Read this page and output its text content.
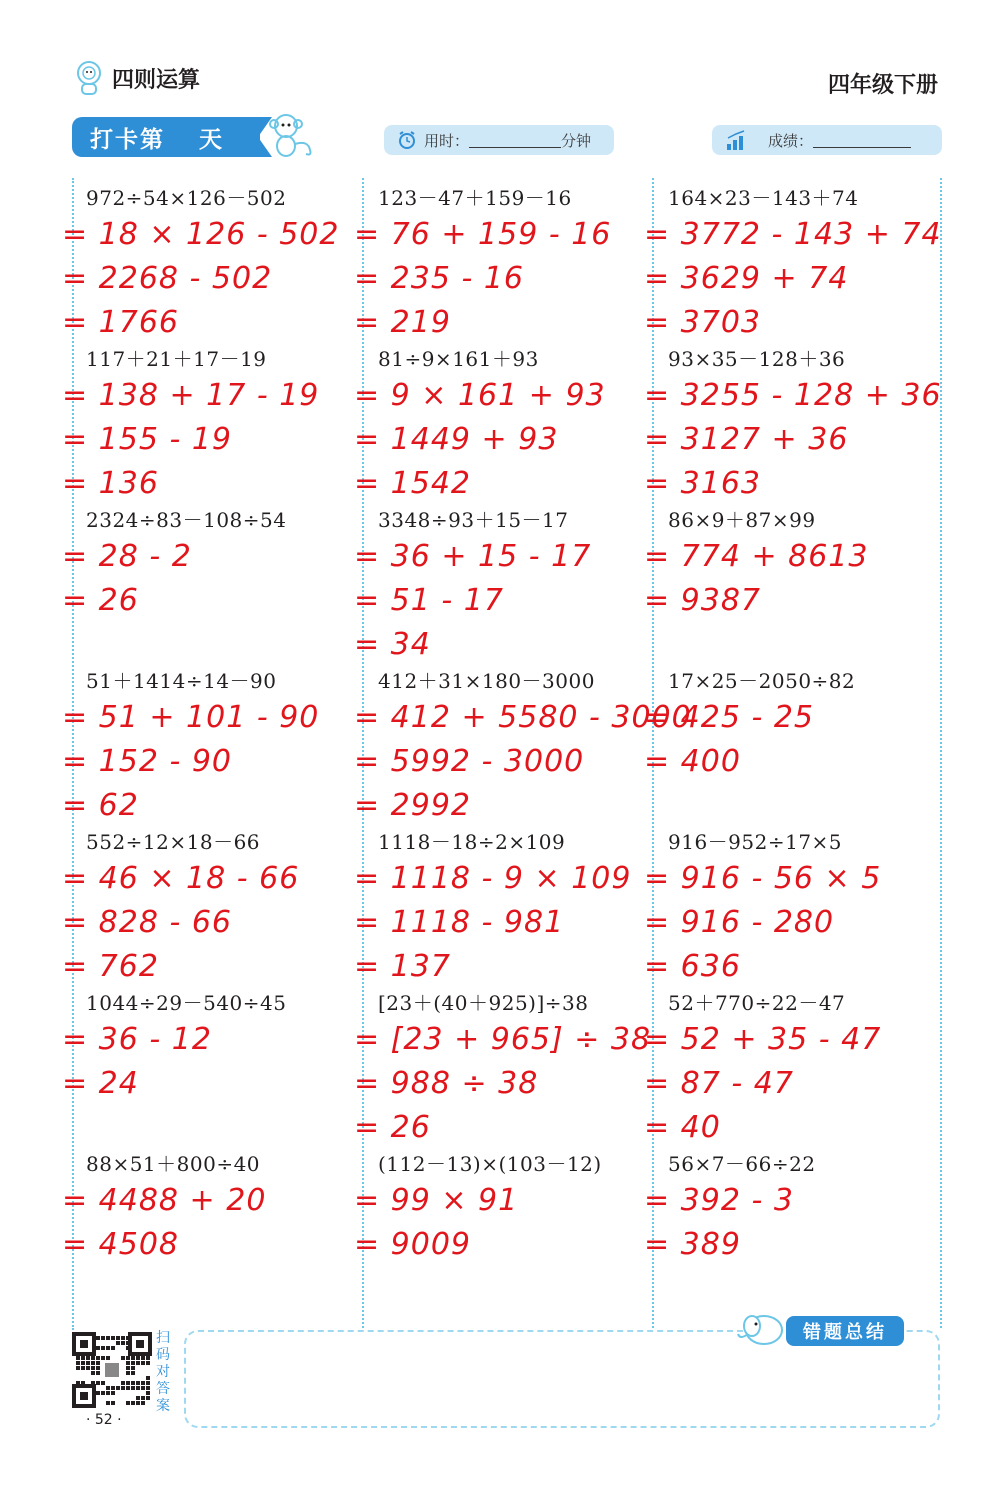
四则运算	四年级下册
打卡第 天	用时：	分钟	成绩：
972÷54×126－502
= 18 × 126 - 502
= 2268 - 502
= 1766
123－47＋159－16
= 76 + 159 - 16
= 235 - 16
= 219
164×23－143＋74
= 3772 - 143 + 74
= 3629 + 74
= 3703
117＋21＋17－19
= 138 + 17 - 19
= 155 - 19
= 136
81÷9×161＋93
= 9 × 161 + 93
= 1449 + 93
= 1542
93×35－128＋36
= 3255 - 128 + 36
= 3127 + 36
= 3163
2324÷83－108÷54
= 28 - 2
= 26
3348÷93＋15－17
= 36 + 15 - 17
= 51 - 17
= 34
86×9＋87×99
= 774 + 8613
= 9387
51＋1414÷14－90
= 51 + 101 - 90
= 152 - 90
= 62
412＋31×180－3000
= 412 + 5580 - 3000
= 5992 - 3000
= 2992
17×25－2050÷82
= 425 - 25
= 400
552÷12×18－66
= 46 × 18 - 66
= 828 - 66
= 762
1118－18÷2×109
= 1118 - 9 × 109
= 1118 - 981
= 137
916－952÷17×5
= 916 - 56 × 5
= 916 - 280
= 636
1044÷29－540÷45
= 36 - 12
= 24
[23＋(40＋925)]÷38
= [23 + 965] ÷ 38
= 988 ÷ 38
= 26
52＋770÷22－47
= 52 + 35 - 47
= 87 - 47
= 40
88×51＋800÷40
= 4488 + 20
= 4508
(112－13)×(103－12)
= 99 × 91
= 9009
56×7－66÷22
= 392 - 3
= 389
扫码对答案
· 52 ·
错题总结
